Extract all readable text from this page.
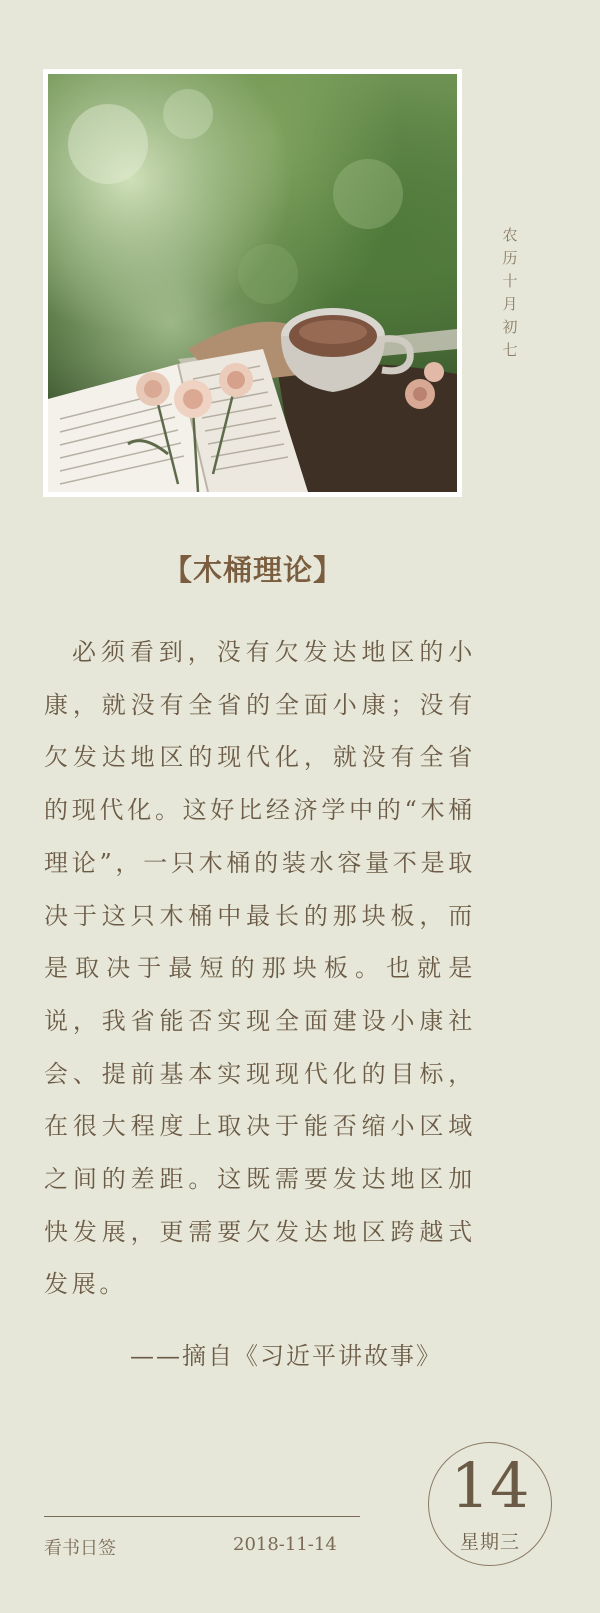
农历十月初七
【木桶理论】
必须看到，没有欠发达地区的小康，就没有全省的全面小康；没有欠发达地区的现代化，就没有全省的现代化。这好比经济学中的“木桶理论”，一只木桶的装水容量不是取决于这只木桶中最长的那块板，而是取决于最短的那块板。也就是说，我省能否实现全面建设小康社会、提前基本实现现代化的目标，在很大程度上取决于能否缩小区域之间的差距。这既需要发达地区加快发展，更需要欠发达地区跨越式发展。
——摘自《习近平讲故事》
看书日签	2018-11-14
14
星期三
